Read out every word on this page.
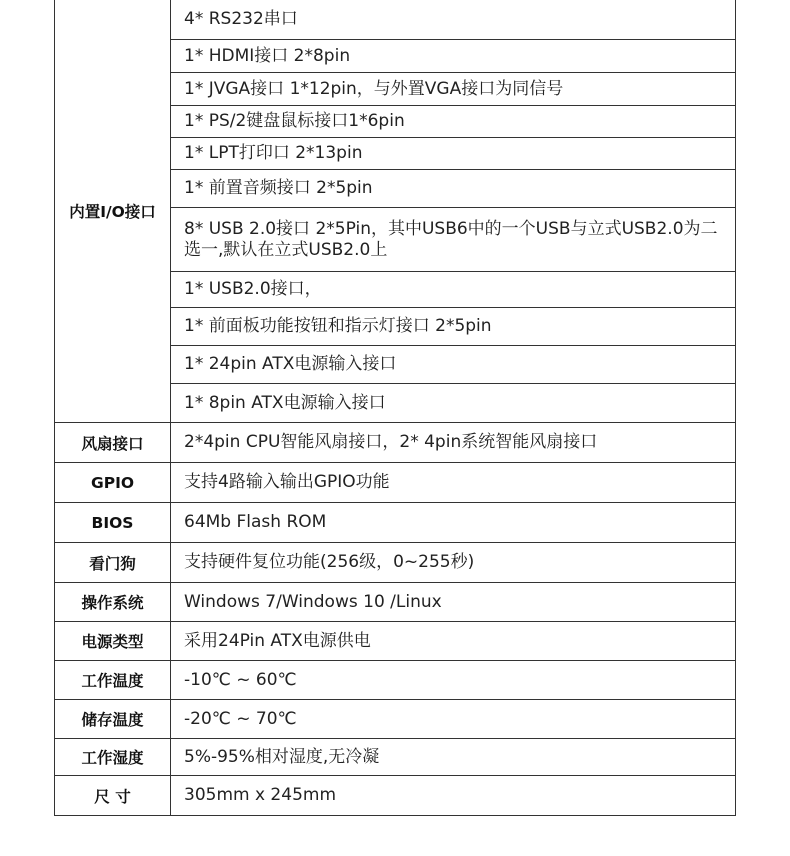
内置I/O接口	4* RS232串口
	1* HDMI接口 2*8pin
	1* JVGA接口 1*12pin，与外置VGA接口为同信号
	1* PS/2键盘鼠标接口1*6pin
	1* LPT打印口 2*13pin
	1* 前置音频接口 2*5pin
	8* USB 2.0接口 2*5Pin，其中USB6中的一个USB与立式USB2.0为二选一,默认在立式USB2.0上
	1* USB2.0接口，
	1* 前面板功能按钮和指示灯接口 2*5pin
	1* 24pin ATX电源输入接口
	1* 8pin ATX电源输入接口
风扇接口	2*4pin CPU智能风扇接口，2* 4pin系统智能风扇接口
GPIO	支持4路输入输出GPIO功能
BIOS	64Mb Flash ROM
看门狗	支持硬件复位功能(256级，0~255秒)
操作系统	Windows 7/Windows 10 /Linux
电源类型	采用24Pin ATX电源供电
工作温度	-10℃ ~ 60℃
储存温度	-20℃ ~ 70℃
工作湿度	5%-95%相对湿度,无冷凝
尺 寸	305mm x 245mm
